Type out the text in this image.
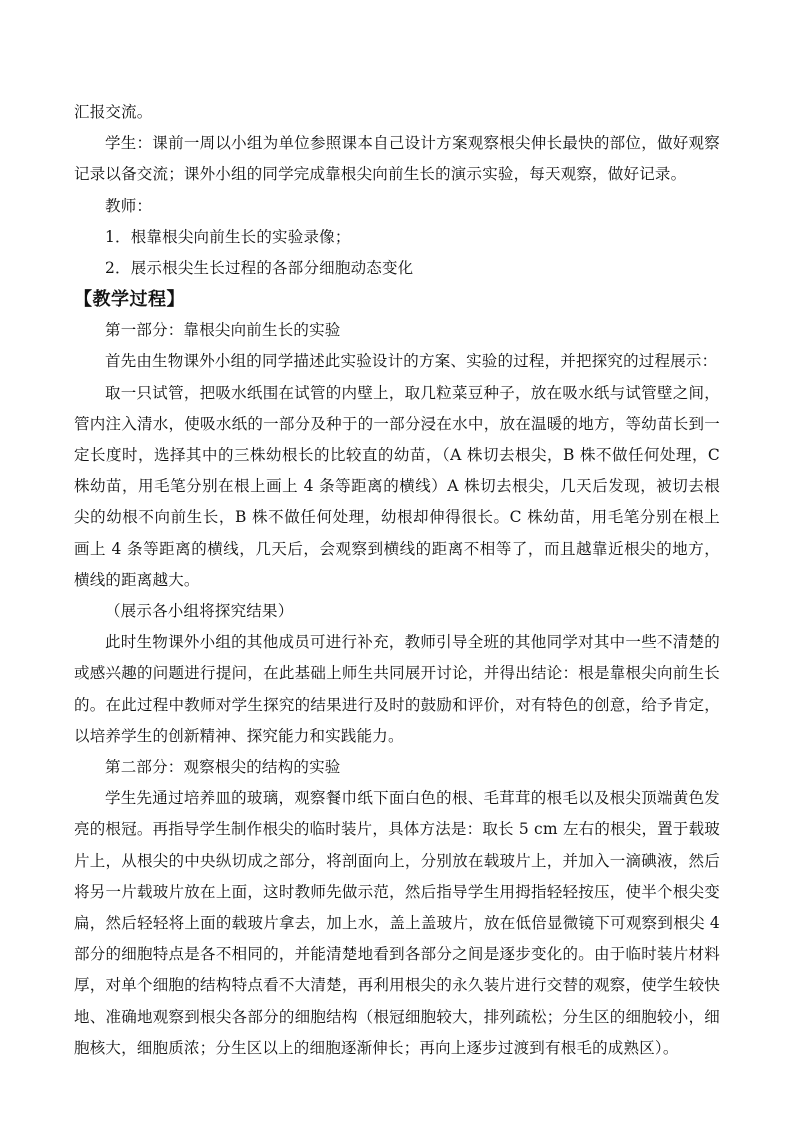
汇报交流。

学生：课前一周以小组为单位参照课本自己设计方案观察根尖伸长最快的部位，做好观察记录以备交流；课外小组的同学完成靠根尖向前生长的演示实验，每天观察，做好记录。

教师：

1．根靠根尖向前生长的实验录像；

2．展示根尖生长过程的各部分细胞动态变化

【教学过程】

第一部分：靠根尖向前生长的实验

首先由生物课外小组的同学描述此实验设计的方案、实验的过程，并把探究的过程展示：

取一只试管，把吸水纸围在试管的内壁上，取几粒菜豆种子，放在吸水纸与试管壁之间，管内注入清水，使吸水纸的一部分及种于的一部分浸在水中，放在温暖的地方，等幼苗长到一定长度时，选择其中的三株幼根长的比较直的幼苗，（A 株切去根尖，B 株不做任何处理，C 株幼苗，用毛笔分别在根上画上 4 条等距离的横线）A 株切去根尖，几天后发现，被切去根尖的幼根不向前生长，B 株不做任何处理，幼根却伸得很长。C 株幼苗，用毛笔分别在根上画上 4 条等距离的横线，几天后，会观察到横线的距离不相等了，而且越靠近根尖的地方，横线的距离越大。

（展示各小组将探究结果）

此时生物课外小组的其他成员可进行补充，教师引导全班的其他同学对其中一些不清楚的或感兴趣的问题进行提问，在此基础上师生共同展开讨论，并得出结论：根是靠根尖向前生长的。在此过程中教师对学生探究的结果进行及时的鼓励和评价，对有特色的创意，给予肯定，以培养学生的创新精神、探究能力和实践能力。

第二部分：观察根尖的结构的实验

学生先通过培养皿的玻璃，观察餐巾纸下面白色的根、毛茸茸的根毛以及根尖顶端黄色发亮的根冠。再指导学生制作根尖的临时装片，具体方法是：取长 5 cm 左右的根尖，置于载玻片上，从根尖的中央纵切成之部分，将剖面向上，分别放在载玻片上，并加入一滴碘液，然后将另一片载玻片放在上面，这时教师先做示范，然后指导学生用拇指轻轻按压，使半个根尖变扁，然后轻轻将上面的载玻片拿去，加上水，盖上盖玻片，放在低倍显微镜下可观察到根尖 4 部分的细胞特点是各不相同的，并能清楚地看到各部分之间是逐步变化的。由于临时装片材料厚，对单个细胞的结构特点看不大清楚，再利用根尖的永久装片进行交替的观察，使学生较快地、准确地观察到根尖各部分的细胞结构（根冠细胞较大，排列疏松；分生区的细胞较小，细胞核大，细胞质浓；分生区以上的细胞逐渐伸长；再向上逐步过渡到有根毛的成熟区）。
